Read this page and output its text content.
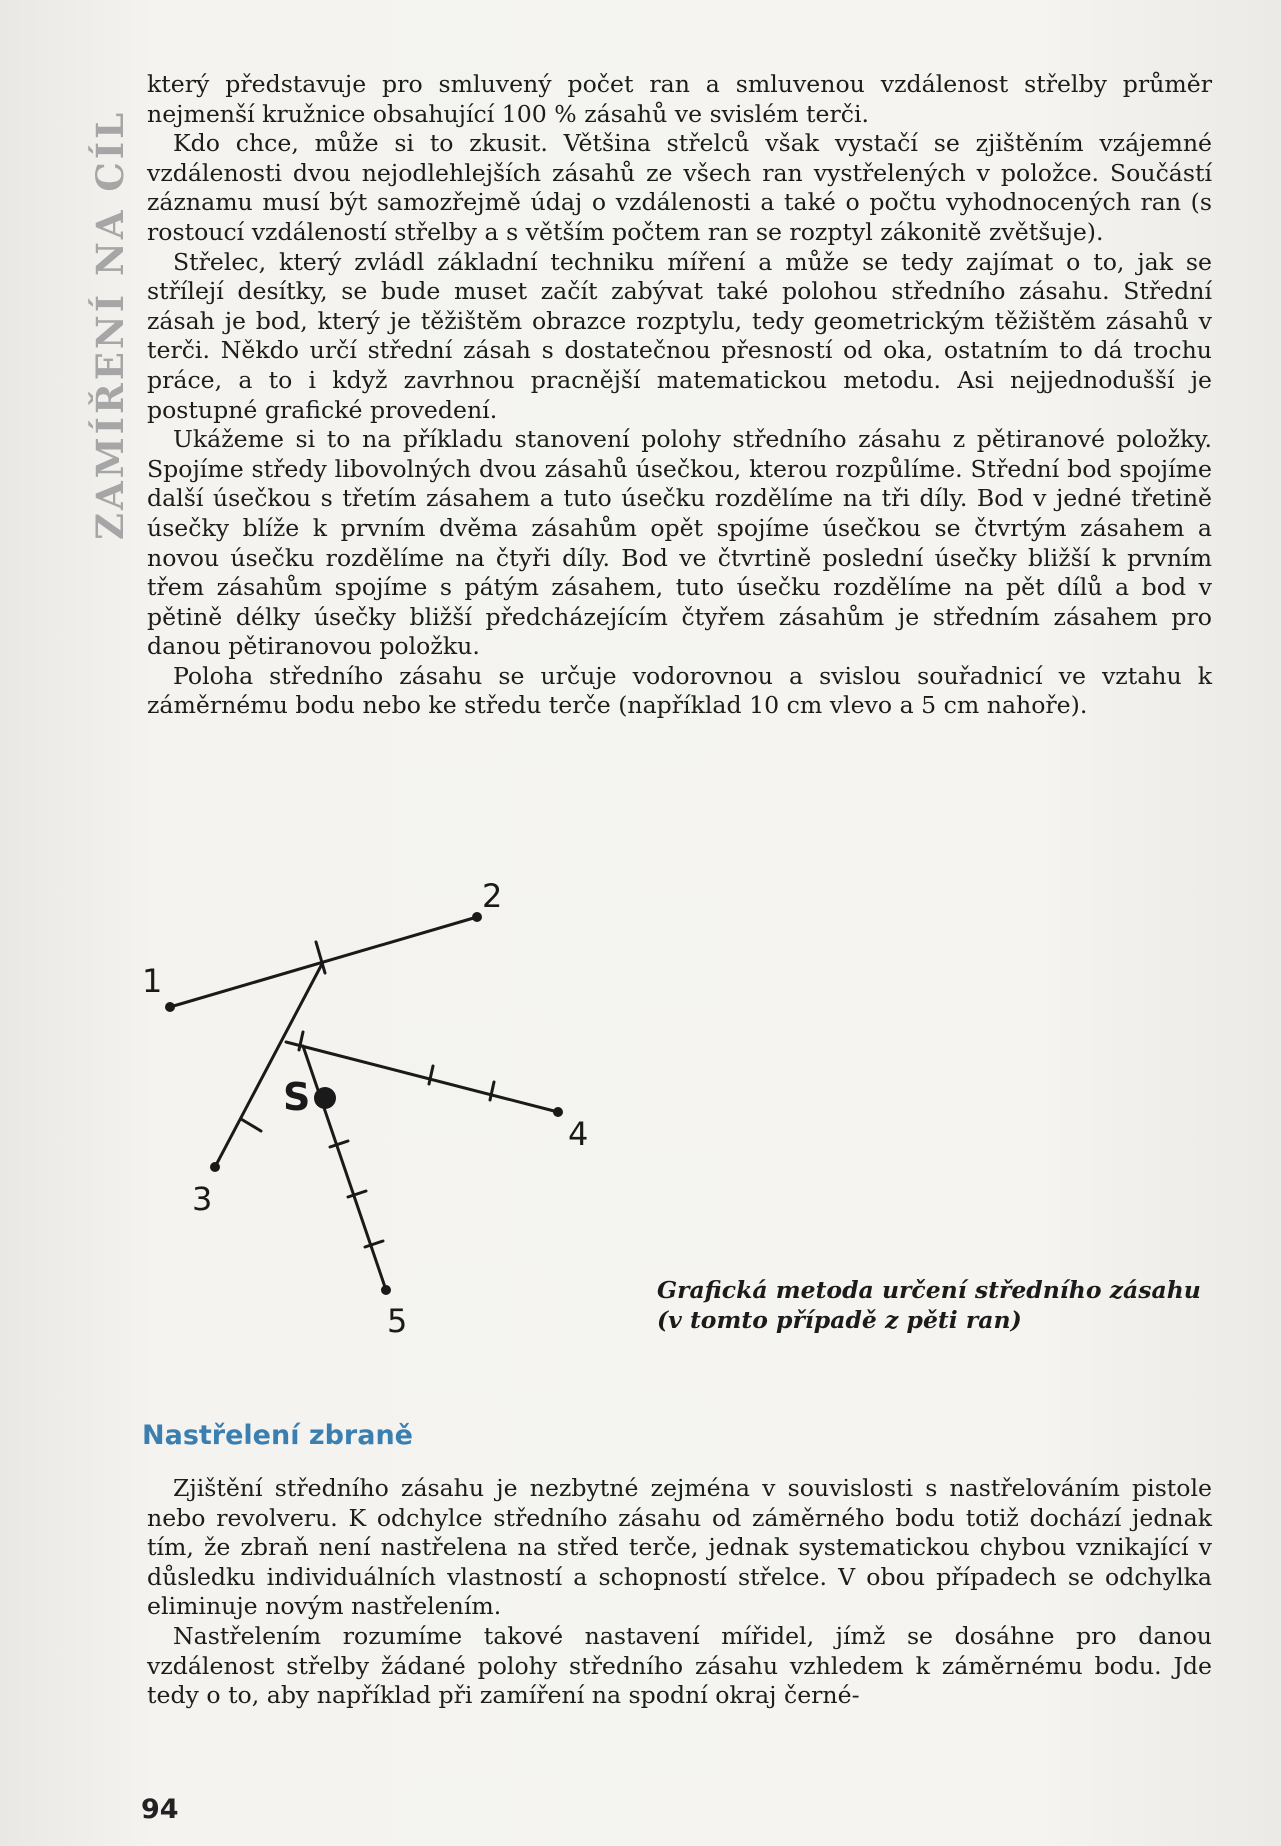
ZAMÍŘENÍ NA CÍL

který představuje pro smluvený počet ran a smluvenou vzdálenost střelby průměr nejmenší kružnice obsahující 100 % zásahů ve svislém terči.

Kdo chce, může si to zkusit. Většina střelců však vystačí se zjištěním vzájemné vzdálenosti dvou nejodlehlejších zásahů ze všech ran vystřelených v položce. Součástí záznamu musí být samozřejmě údaj o vzdálenosti a také o počtu vyhodnocených ran (s rostoucí vzdáleností střelby a s větším počtem ran se rozptyl zákonitě zvětšuje).

Střelec, který zvládl základní techniku míření a může se tedy zajímat o to, jak se střílejí desítky, se bude muset začít zabývat také polohou středního zásahu. Střední zásah je bod, který je těžištěm obrazce rozptylu, tedy geometrickým těžištěm zásahů v terči. Někdo určí střední zásah s dostatečnou přesností od oka, ostatním to dá trochu práce, a to i když zavrhnou pracnější matematickou metodu. Asi nejjednodušší je postupné grafické provedení.

Ukážeme si to na příkladu stanovení polohy středního zásahu z pětiranové položky. Spojíme středy libovolných dvou zásahů úsečkou, kterou rozpůlíme. Střední bod spojíme další úsečkou s třetím zásahem a tuto úsečku rozdělíme na tři díly. Bod v jedné třetině úsečky blíže k prvním dvěma zásahům opět spojíme úsečkou se čtvrtým zásahem a novou úsečku rozdělíme na čtyři díly. Bod ve čtvrtině poslední úsečky bližší k prvním třem zásahům spojíme s pátým zásahem, tuto úsečku rozdělíme na pět dílů a bod v pětině délky úsečky bližší předcházejícím čtyřem zásahům je středním zásahem pro danou pětiranovou položku.

Poloha středního zásahu se určuje vodorovnou a svislou souřadnicí ve vztahu k záměrnému bodu nebo ke středu terče (například 10 cm vlevo a 5 cm nahoře).

1
2
3
4
5
S
Grafická metoda určení středního zásahu (v tomto případě z pěti ran)
Nastřelení zbraně

Zjištění středního zásahu je nezbytné zejména v souvislosti s nastřelováním pistole nebo revolveru. K odchylce středního zásahu od záměrného bodu totiž dochází jednak tím, že zbraň není nastřelena na střed terče, jednak systematickou chybou vznikající v důsledku individuálních vlastností a schopností střelce. V obou případech se odchylka eliminuje novým nastřelením.

Nastřelením rozumíme takové nastavení mířidel, jímž se dosáhne pro danou vzdálenost střelby žádané polohy středního zásahu vzhledem k záměrnému bodu. Jde tedy o to, aby například při zamíření na spodní okraj černé-

94
